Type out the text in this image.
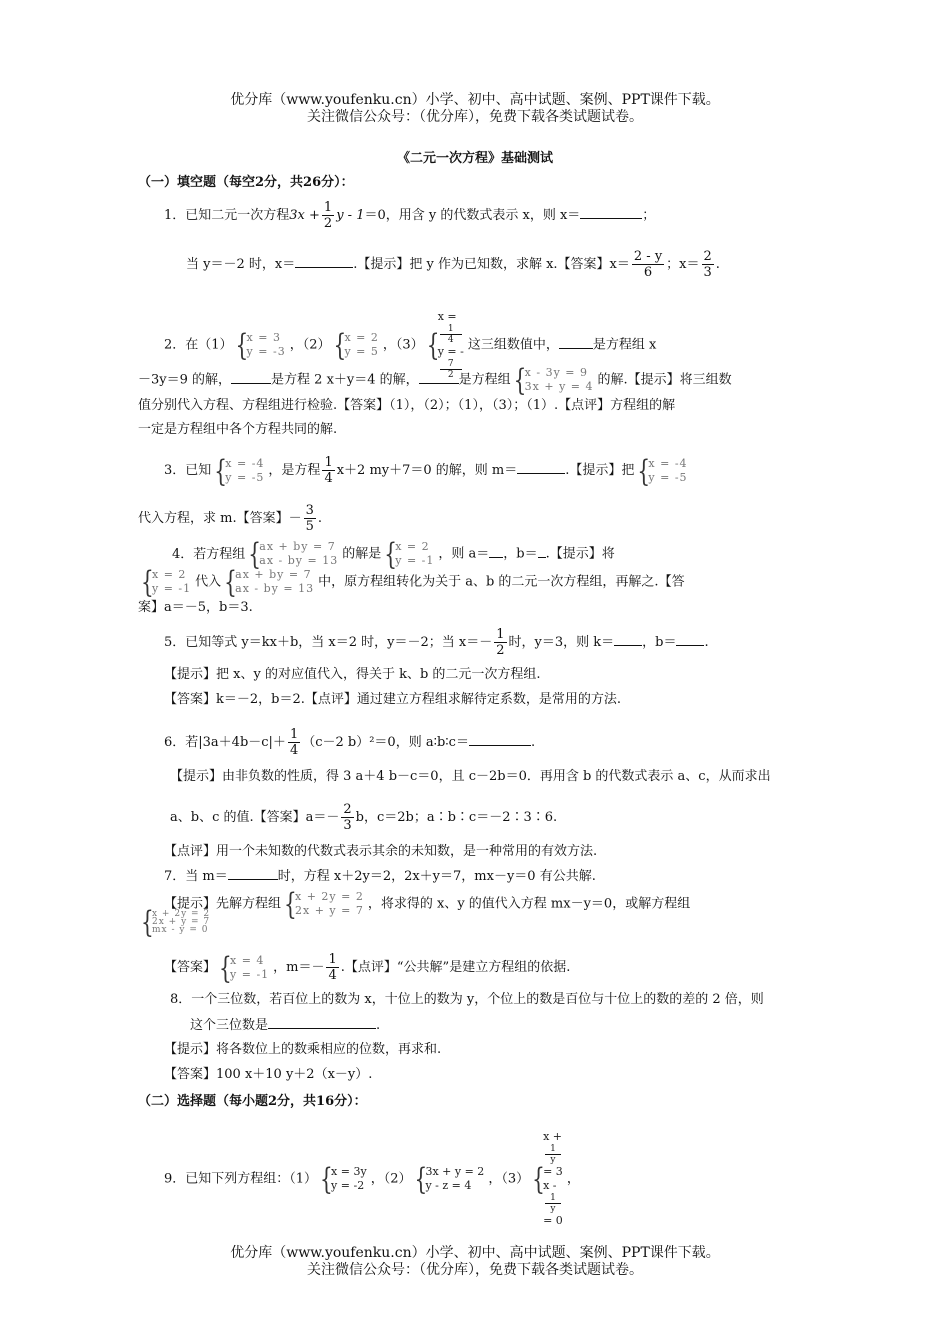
优分库（www.youfenku.cn）小学、初中、高中试题、案例、PPT课件下载。
关注微信公众号：（优分库），免费下载各类试题试卷。
《二元一次方程》基础测试
（一）填空题（每空2分，共26分）：
1．已知二元一次方程$3x + \frac{1}{2}$ y - 1＝0，用含 y 的代数式表示 x，则 x＝	；
当 y＝－2 时，x＝	.【提示】把 y 作为已知数，求解 x.【答案】$x= \frac{2 - y}{6}$ ；$x= \frac{2}{3}$ .
2．在（1） { x = 3
y = -3 ，（2） { x = 2
y = 5 ，（3）
{ x =
1
4
y = -
7
2
这三组数值中，	是方程组 x
－3y＝9 的解，	是方程 2 x＋y＝4 的解，	是方程组 { x - 3y = 9
3x + y = 4 的解.【提示】将三组数
值分别代入方程、方程组进行检验.【答案】（1），（2）；（1），（3）；（1）.【点评】方程组的解
一定是方程组中各个方程共同的解.
3．已知 { x = -4
y = -5 ，是方程 $\frac{1}{4} x+2$ my＋7＝0 的解，则 m＝	.【提示】把 { x = -4
y = -5
代入方程，求 m.【答案】－ $\frac{3}{5}$ .
4．若方程组 { ax + by = 7
ax - by = 13 的解是 { x = 2
y = -1 ，则 a＝ ，b＝ .【提示】将

{ x = 2
y = -1 代入 { ax + by = 7
ax - by = 13 中，原方程组转化为关于 a、b 的二元一次方程组，再解之.【答
案】a＝－5，b＝3.
5．已知等式 y＝kx＋b，当 x＝2 时，y＝－2；当 $x=- \frac{1}{2}$ 时，y＝3，则 k＝ ，b＝ .
【提示】把 x、y 的对应值代入，得关于 k、b 的二元一次方程组.
【答案】k＝－2，b＝2.【点评】通过建立方程组求解待定系数，是常用的方法.
6．若$|3a+4b-c|+ \frac{1}{4} (c-2$ b）²＝0，则 a∶b∶c＝	.
【提示】由非负数的性质，得 3 a＋4 b－c＝0，且 c－2b＝0．再用含 b 的代数式表示 a、c，从而求出
a、b、c 的值.【答案】$a=- \frac{2}{3}$ b，c＝2b；a∶b∶c＝－2∶3∶6.
【点评】用一个未知数的代数式表示其余的未知数，是一种常用的有效方法.
7．当 m＝	时，方程 x＋2y＝2，2x＋y＝7，mx－y＝0 有公共解.
【提示】先解方程组 { x + 2y = 2
2x + y = 7 ，将求得的 x、y 的值代入方程 mx－y＝0，或解方程组
{ x + 2y = 2
2x + y = 7
mx - y = 0
【答案】 { x = 4
y = -1 ，$m=- \frac{1}{4}$ .【点评】“公共解”是建立方程组的依据.
8．一个三位数，若百位上的数为 x，十位上的数为 y，个位上的数是百位与十位上的数的差的 2 倍，则
这个三位数是	.
【提示】将各数位上的数乘相应的位数，再求和.
【答案】100 x＋10 y＋2（x－y）.
（二）选择题（每小题2分，共16分）：
9．已知下列方程组：（1） { x = 3y
y = -2 ，（2） { 3x + y = 2
y - z = 4	，（3）
{ x +
1
y
= 3
x -
1
y
= 0
，
优分库（www.youfenku.cn）小学、初中、高中试题、案例、PPT课件下载。
关注微信公众号：（优分库），免费下载各类试题试卷。
